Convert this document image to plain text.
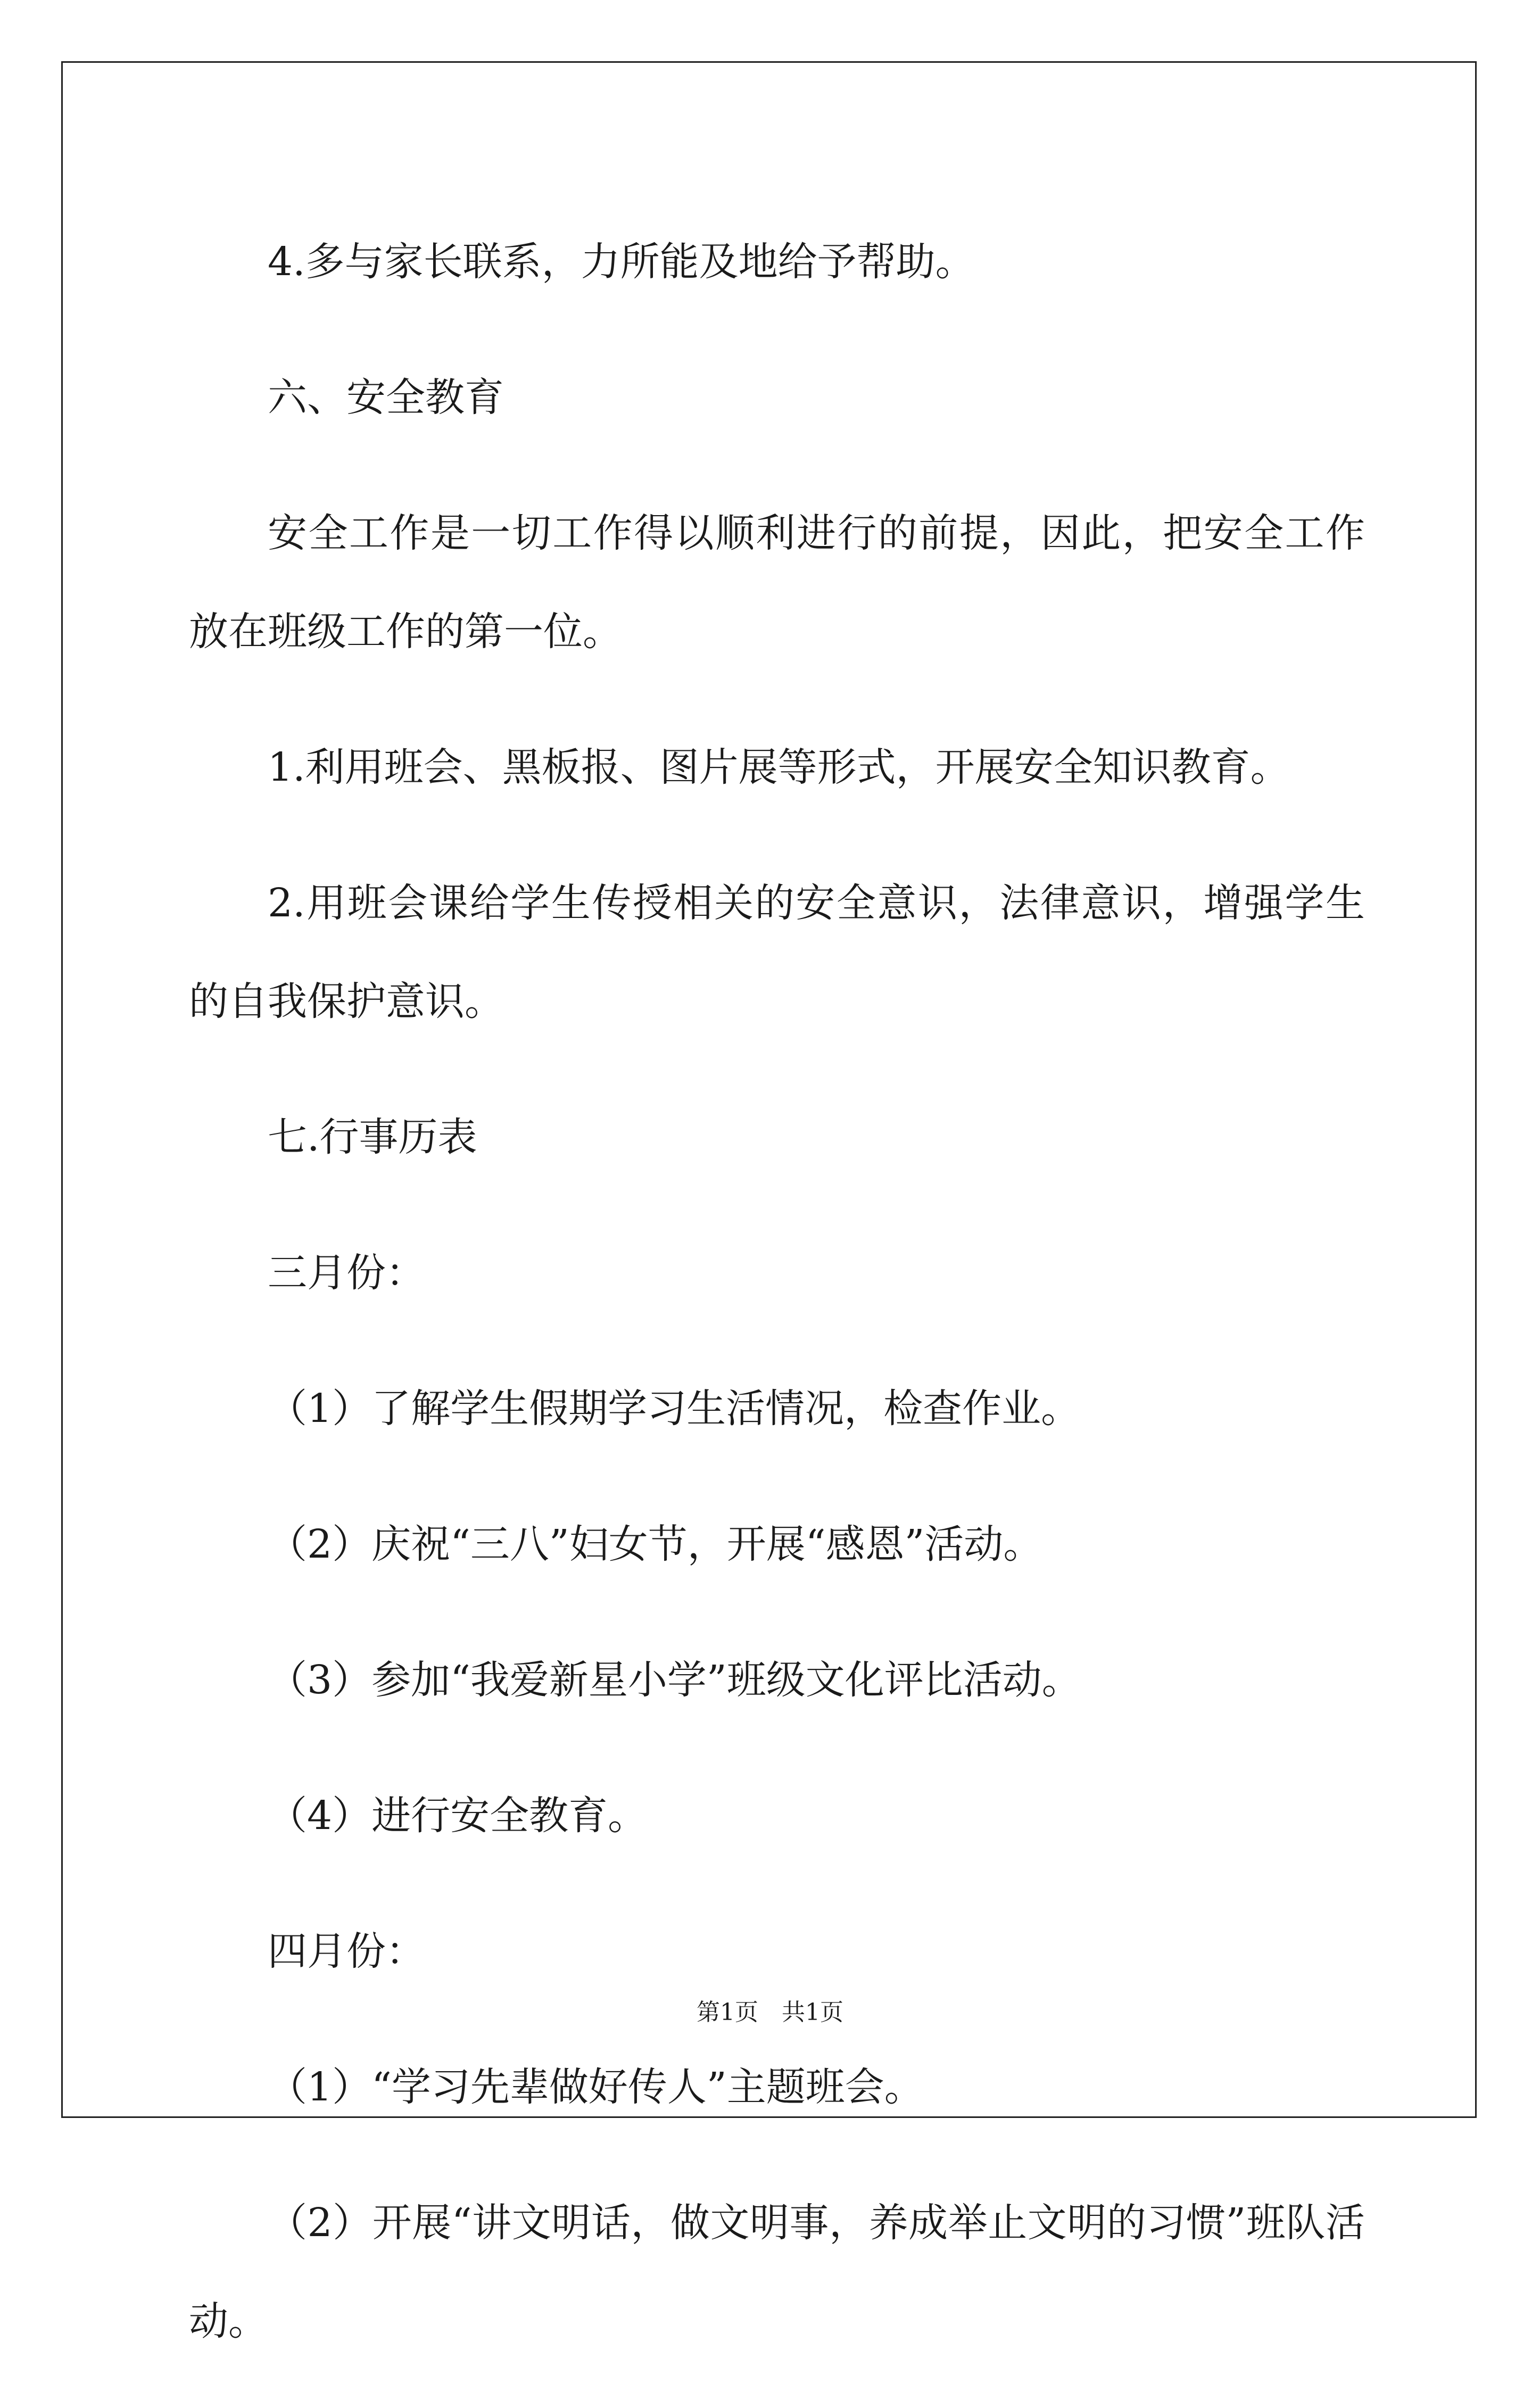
4.多与家长联系，力所能及地给予帮助。

六、安全教育

安全工作是一切工作得以顺利进行的前提，因此，把安全工作放在班级工作的第一位。

1.利用班会、黑板报、图片展等形式，开展安全知识教育。

2.用班会课给学生传授相关的安全意识，法律意识，增强学生的自我保护意识。

七.行事历表

三月份：

（1）了解学生假期学习生活情况，检查作业。

（2）庆祝“三八”妇女节，开展“感恩”活动。

（3）参加“我爱新星小学”班级文化评比活动。

（4）进行安全教育。

四月份：

（1）“学习先辈做好传人”主题班会。

（2）开展“讲文明话，做文明事，养成举止文明的习惯”班队活动。

第1页　共1页
